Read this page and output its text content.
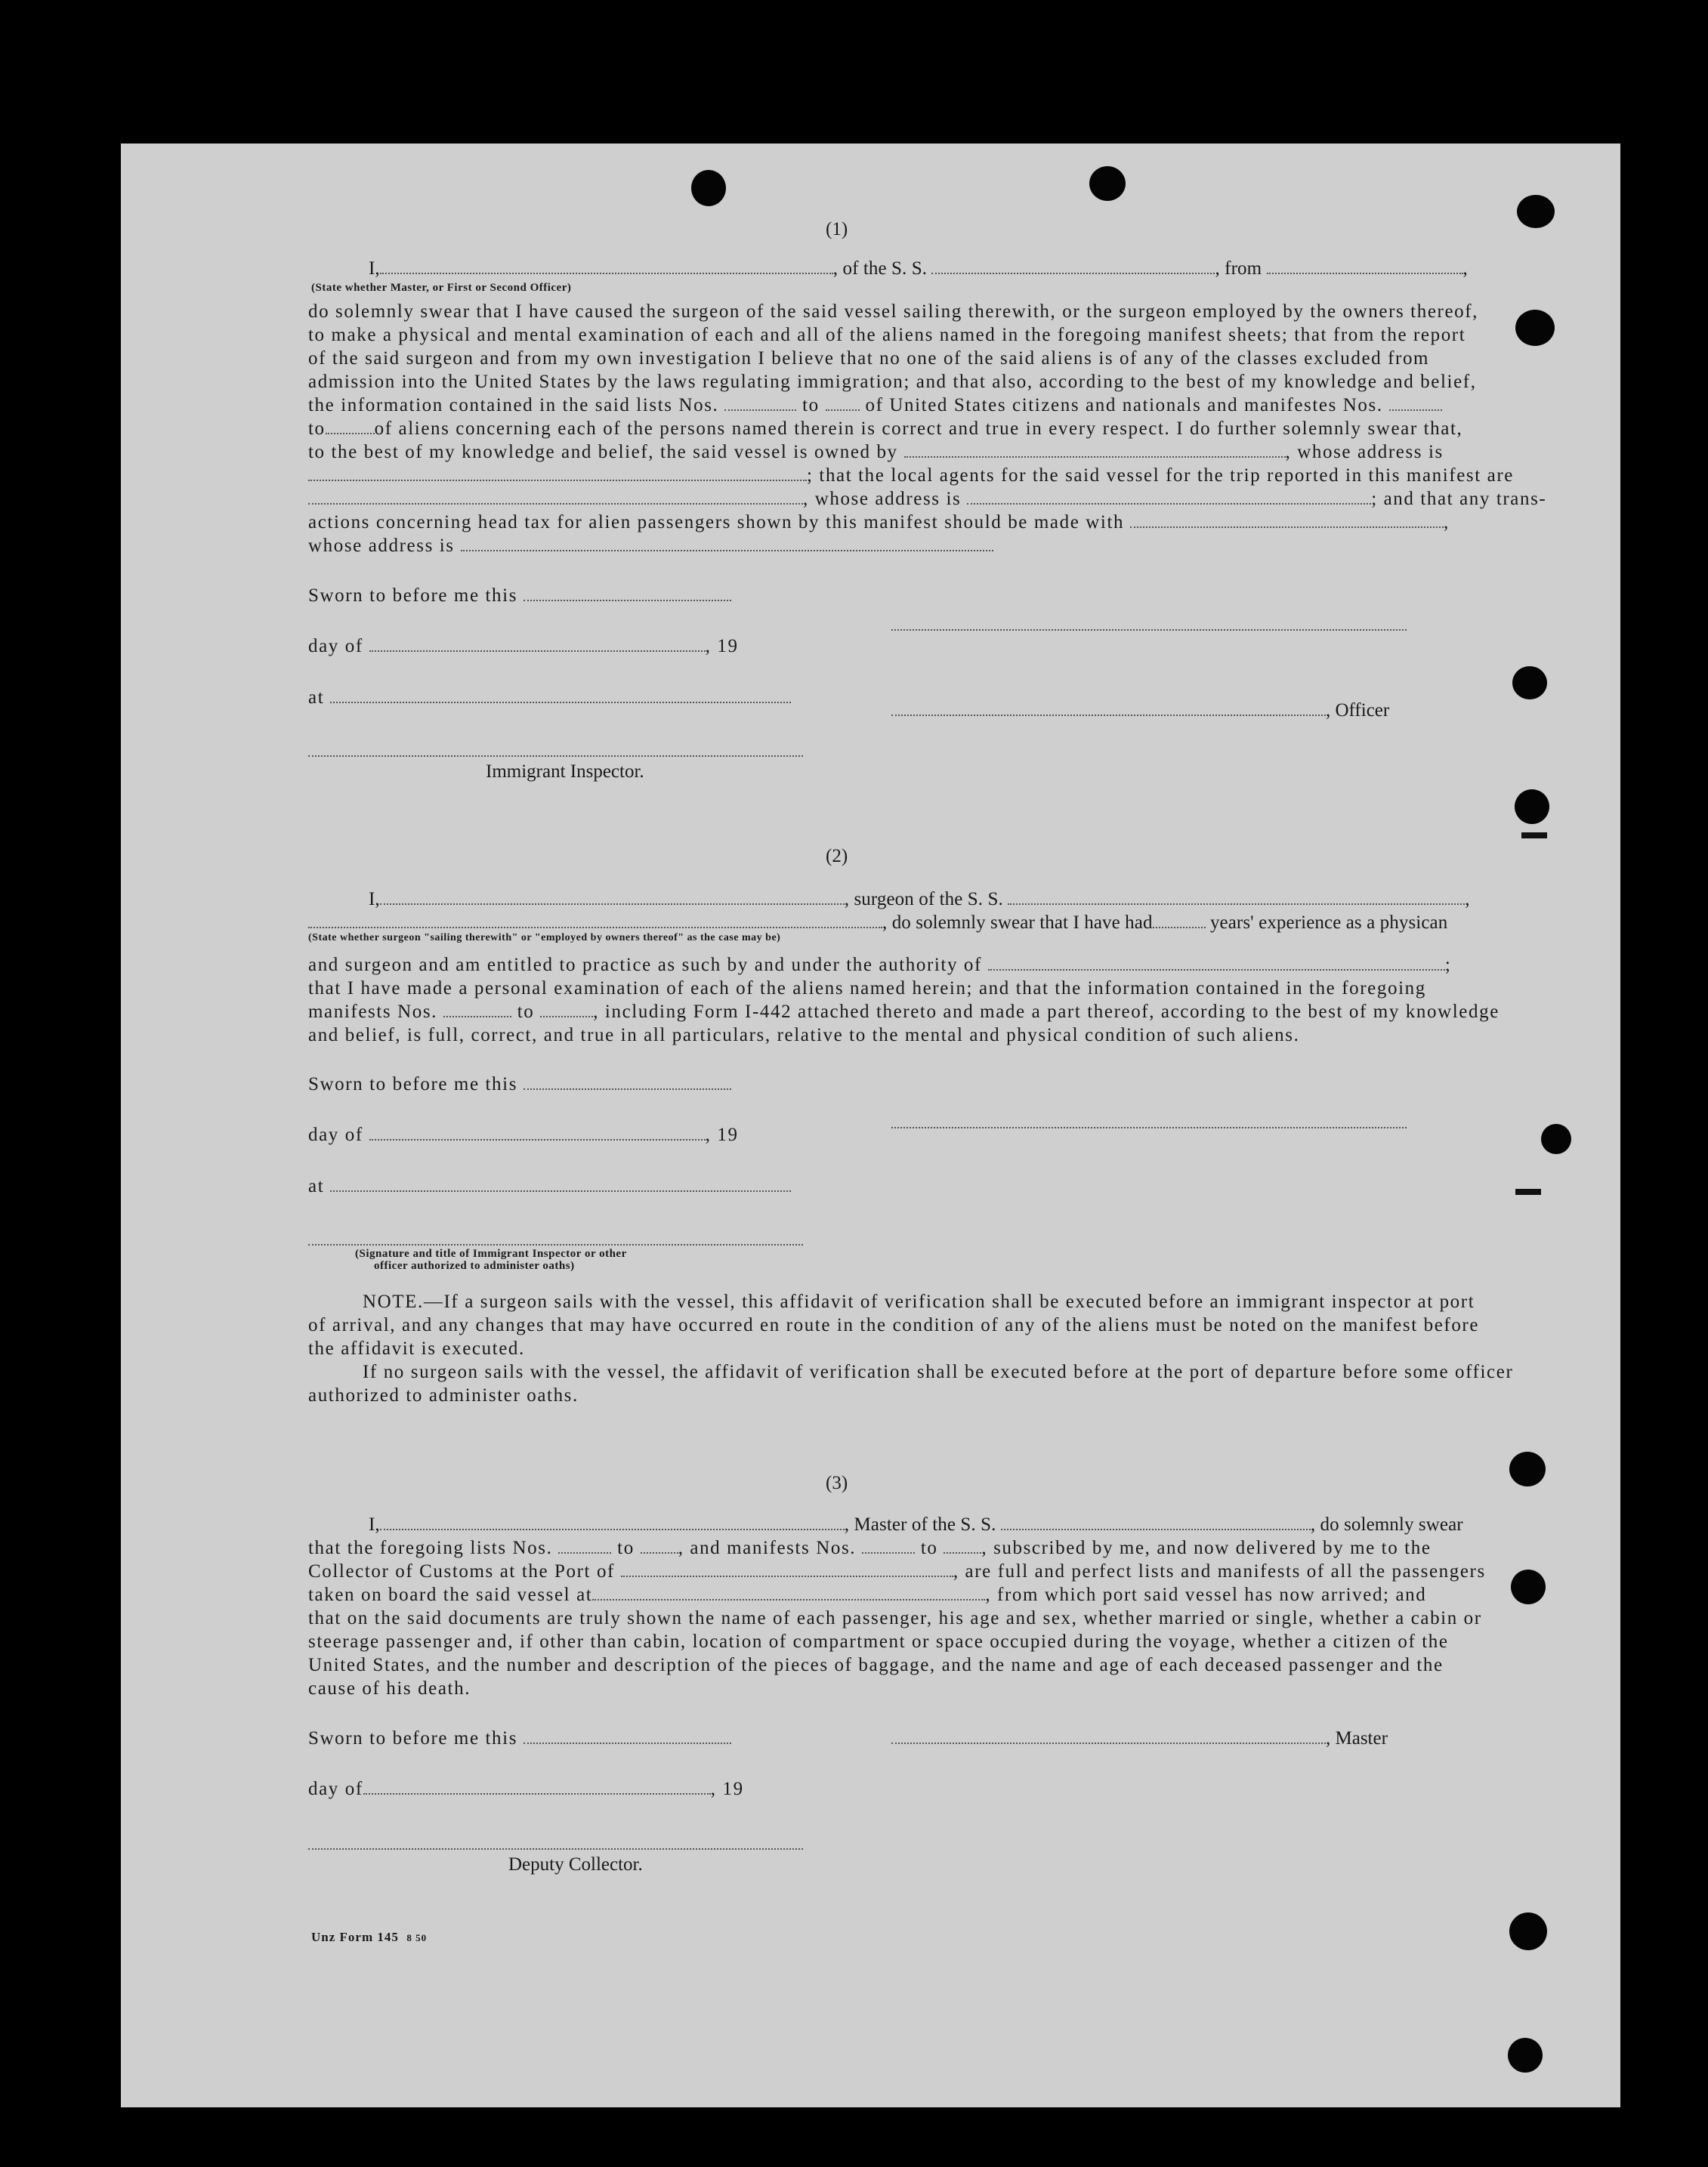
(1)
I,	, of the S. S.	, from	,
(State whether Master, or First or Second Officer)
do solemnly swear that I have caused the surgeon of the said vessel sailing therewith, or the surgeon employed by the owners thereof,
to make a physical and mental examination of each and all of the aliens named in the foregoing manifest sheets; that from the report
of the said surgeon and from my own investigation I believe that no one of the said aliens is of any of the classes excluded from
admission into the United States by the laws regulating immigration; and that also, according to the best of my knowledge and belief,
the information contained in the said lists Nos.	to of United States citizens and nationals and manifestes Nos.
to	of aliens concerning each of the persons named therein is correct and true in every respect. I do further solemnly swear that,
to the best of my knowledge and belief, the said vessel is owned by	, whose address is
; that the local agents for the said vessel for the trip reported in this manifest are
, whose address is	; and that any trans-
actions concerning head tax for alien passengers shown by this manifest should be made with	,
whose address is
Sworn to before me this
day of	, 19
at
, Officer
Immigrant Inspector.
(2)
I,	, surgeon of the S. S.	,
, do solemnly swear that I have had	years' experience as a physican
(State whether surgeon "sailing therewith" or "employed by owners thereof" as the case may be)
and surgeon and am entitled to practice as such by and under the authority of	;
that I have made a personal examination of each of the aliens named herein; and that the information contained in the foregoing
manifests Nos.	to	, including Form I-442 attached thereto and made a part thereof, according to the best of my knowledge
and belief, is full, correct, and true in all particulars, relative to the mental and physical condition of such aliens.
Sworn to before me this
day of	, 19
at
(Signature and title of Immigrant Inspector or other
officer authorized to administer oaths)
NOTE.—If a surgeon sails with the vessel, this affidavit of verification shall be executed before an immigrant inspector at port
of arrival, and any changes that may have occurred en route in the condition of any of the aliens must be noted on the manifest before
the affidavit is executed.
If no surgeon sails with the vessel, the affidavit of verification shall be executed before at the port of departure before some officer
authorized to administer oaths.
(3)
I,	, Master of the S. S.	, do solemnly swear
that the foregoing lists Nos.	to , and manifests Nos.	to , subscribed by me, and now delivered by me to the
Collector of Customs at the Port of	, are full and perfect lists and manifests of all the passengers
taken on board the said vessel at	, from which port said vessel has now arrived; and
that on the said documents are truly shown the name of each passenger, his age and sex, whether married or single, whether a cabin or
steerage passenger and, if other than cabin, location of compartment or space occupied during the voyage, whether a citizen of the
United States, and the number and description of the pieces of baggage, and the name and age of each deceased passenger and the
cause of his death.
Sworn to before me this	, Master
day of	, 19
Deputy Collector.
Unz Form 145 8 50
